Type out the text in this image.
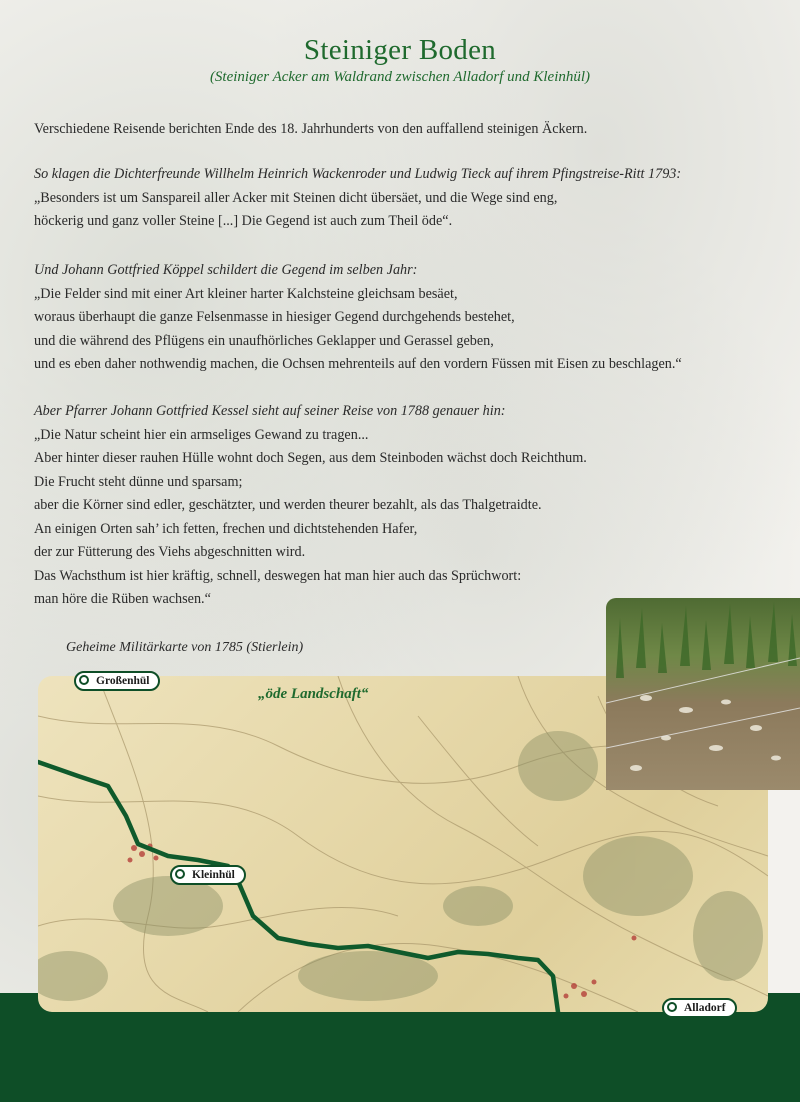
Steiniger Boden
(Steiniger Acker am Waldrand zwischen Alladorf und Kleinhül)
Verschiedene Reisende berichten Ende des 18. Jahrhunderts von den auffallend steinigen Äckern.
So klagen die Dichterfreunde Willhelm Heinrich Wackenroder und Ludwig Tieck auf ihrem Pfingstreise-Ritt 1793:
„Besonders ist um Sanspareil aller Acker mit Steinen dicht übersäet, und die Wege sind eng,
höckerig und ganz voller Steine [...] Die Gegend ist auch zum Theil öde“.
Und Johann Gottfried Köppel schildert die Gegend im selben Jahr:
„Die Felder sind mit einer Art kleiner harter Kalchsteine gleichsam besäet,
woraus überhaupt die ganze Felsenmasse in hiesiger Gegend durchgehends bestehet,
und die während des Pflügens ein unaufhörliches Geklapper und Gerassel geben,
und es eben daher nothwendig machen, die Ochsen mehrenteils auf den vordern Füssen mit Eisen zu beschlagen.“
Aber Pfarrer Johann Gottfried Kessel sieht auf seiner Reise von 1788 genauer hin:
„Die Natur scheint hier ein armseliges Gewand zu tragen...
Aber hinter dieser rauhen Hülle wohnt doch Segen, aus dem Steinboden wächst doch Reichthum.
Die Frucht steht dünne und sparsam;
aber die Körner sind edler, geschätzter, und werden theurer bezahlt, als das Thalgetraidte.
An einigen Orten sah’ ich fetten, frechen und dichtstehenden Hafer,
der zur Fütterung des Viehs abgeschnitten wird.
Das Wachsthum ist hier kräftig, schnell, deswegen hat man hier auch das Sprüchwort:
man höre die Rüben wachsen.“
Geheime Militärkarte von 1785 (Stierlein)
„öde Landschaft“
Großenhül
Kleinhül
Alladorf
